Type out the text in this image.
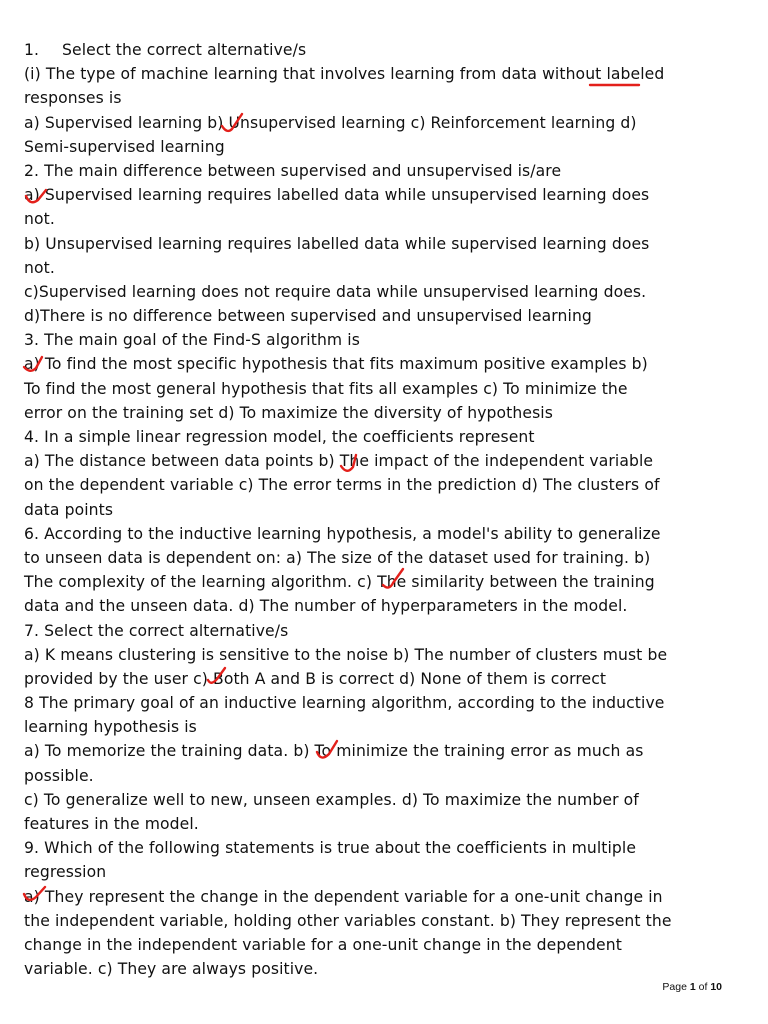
1. Select the correct alternative/s
(i) The type of machine learning that involves learning from data without labeled
responses is
a) Supervised learning b) Unsupervised learning c) Reinforcement learning d)
Semi-supervised learning
2. The main difference between supervised and unsupervised is/are
a) Supervised learning requires labelled data while unsupervised learning does
not.
b) Unsupervised learning requires labelled data while supervised learning does
not.
c)Supervised learning does not require data while unsupervised learning does.
d)There is no difference between supervised and unsupervised learning
3. The main goal of the Find-S algorithm is
a) To find the most specific hypothesis that fits maximum positive examples b)
To find the most general hypothesis that fits all examples c) To minimize the
error on the training set d) To maximize the diversity of hypothesis
4. In a simple linear regression model, the coefficients represent
a) The distance between data points b) The impact of the independent variable
on the dependent variable c) The error terms in the prediction d) The clusters of
data points
6. According to the inductive learning hypothesis, a model's ability to generalize
to unseen data is dependent on: a) The size of the dataset used for training. b)
The complexity of the learning algorithm. c) The similarity between the training
data and the unseen data. d) The number of hyperparameters in the model.
7. Select the correct alternative/s
a) K means clustering is sensitive to the noise b) The number of clusters must be
provided by the user c) Both A and B is correct d) None of them is correct
8 The primary goal of an inductive learning algorithm, according to the inductive
learning hypothesis is
a) To memorize the training data. b) To minimize the training error as much as
possible.
c) To generalize well to new, unseen examples. d) To maximize the number of
features in the model.
9. Which of the following statements is true about the coefficients in multiple
regression
a) They represent the change in the dependent variable for a one-unit change in
the independent variable, holding other variables constant. b) They represent the
change in the independent variable for a one-unit change in the dependent
variable. c) They are always positive.
Page 1 of 10
